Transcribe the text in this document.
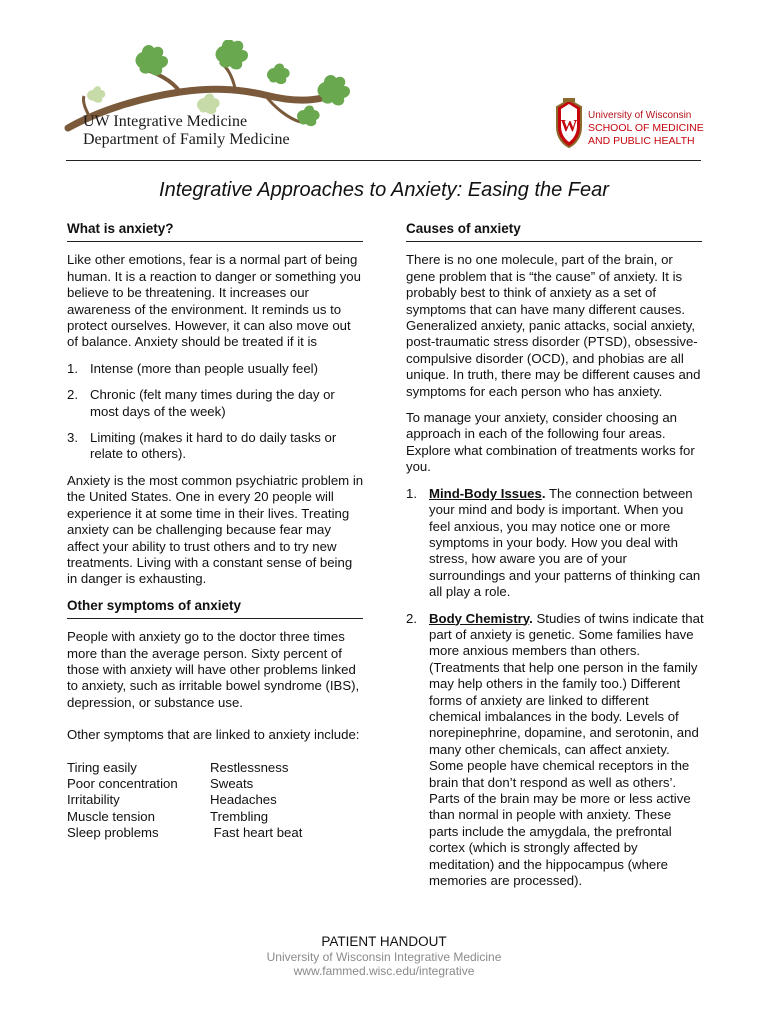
UW Integrative Medicine
Department of Family Medicine
W
University of Wisconsin
SCHOOL OF MEDICINE
AND PUBLIC HEALTH
Integrative Approaches to Anxiety: Easing the Fear
What is anxiety?

Like other emotions, fear is a normal part of being human. It is a reaction to danger or something you believe to be threatening. It increases our awareness of the environment. It reminds us to protect ourselves. However, it can also move out of balance. Anxiety should be treated if it is

1. Intense (more than people usually feel)
2. Chronic (felt many times during the day or most days of the week)
3. Limiting (makes it hard to do daily tasks or relate to others).

Anxiety is the most common psychiatric problem in the United States. One in every 20 people will experience it at some time in their lives. Treating anxiety can be challenging because fear may affect your ability to trust others and to try new treatments. Living with a constant sense of being in danger is exhausting.

Other symptoms of anxiety

People with anxiety go to the doctor three times more than the average person. Sixty percent of those with anxiety will have other problems linked to anxiety, such as irritable bowel syndrome (IBS), depression, or substance use.

Other symptoms that are linked to anxiety include:

Tiring easily	Restlessness
Poor concentration	Sweats
Irritability	Headaches
Muscle tension	Trembling
Sleep problems	Fast heart beat
Causes of anxiety

There is no one molecule, part of the brain, or gene problem that is “the cause” of anxiety. It is probably best to think of anxiety as a set of symptoms that can have many different causes. Generalized anxiety, panic attacks, social anxiety, post-traumatic stress disorder (PTSD), obsessive-compulsive disorder (OCD), and phobias are all unique. In truth, there may be different causes and symptoms for each person who has anxiety.

To manage your anxiety, consider choosing an approach in each of the following four areas. Explore what combination of treatments works for you.

1. Mind-Body Issues. The connection between your mind and body is important. When you feel anxious, you may notice one or more symptoms in your body. How you deal with stress, how aware you are of your surroundings and your patterns of thinking can all play a role.
2. Body Chemistry. Studies of twins indicate that part of anxiety is genetic. Some families have more anxious members than others. (Treatments that help one person in the family may help others in the family too.) Different forms of anxiety are linked to different chemical imbalances in the body. Levels of norepinephrine, dopamine, and serotonin, and many other chemicals, can affect anxiety. Some people have chemical receptors in the brain that don’t respond as well as others’. Parts of the brain may be more or less active than normal in people with anxiety. These parts include the amygdala, the prefrontal cortex (which is strongly affected by meditation) and the hippocampus (where memories are processed).
PATIENT HANDOUT
University of Wisconsin Integrative Medicine
www.fammed.wisc.edu/integrative
